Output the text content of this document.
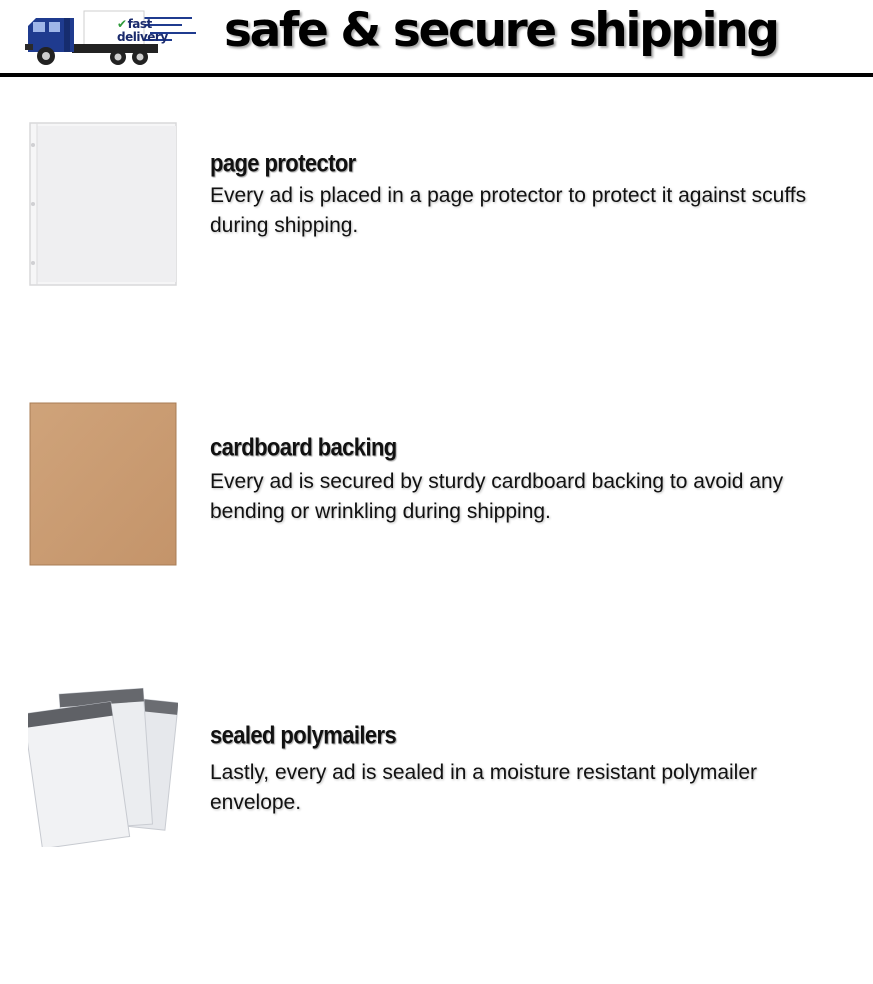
✔fast
delivery safe & secure shipping
page protector

Every ad is placed in a page protector to protect it against scuffs during shipping.

cardboard backing

Every ad is secured by sturdy cardboard backing to avoid any bending or wrinkling during shipping.

sealed polymailers

Lastly, every ad is sealed in a moisture resistant polymailer envelope.
